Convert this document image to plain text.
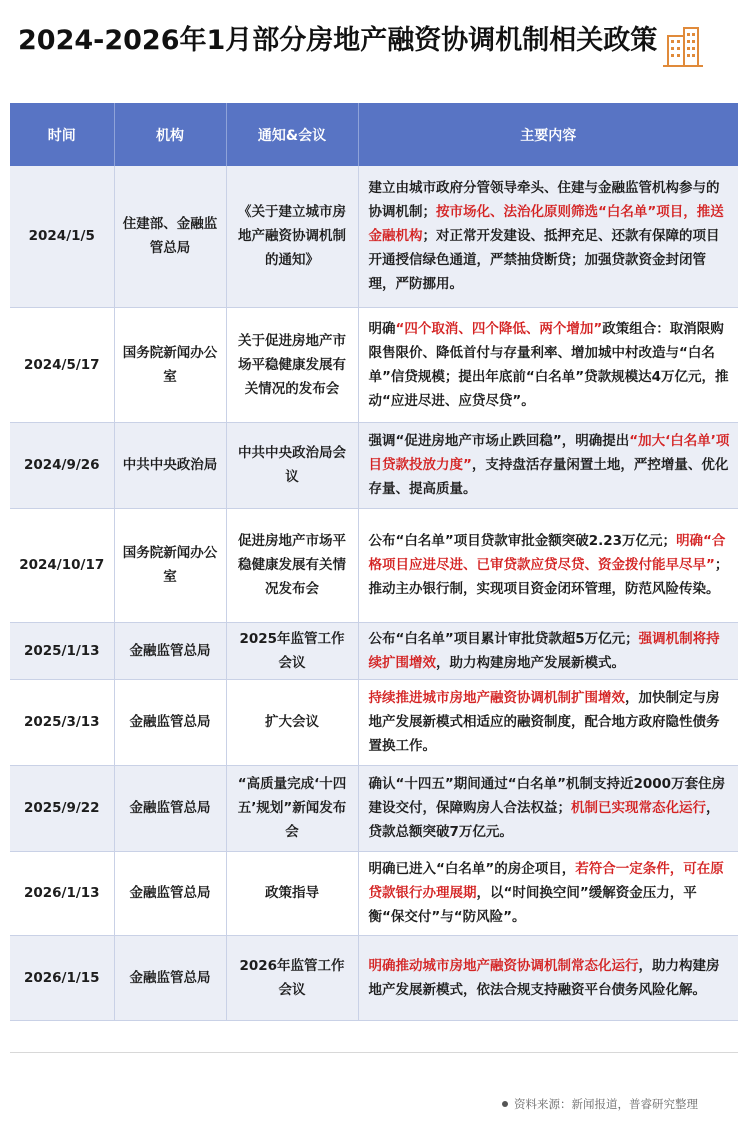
2024-2026年1月部分房地产融资协调机制相关政策
时间	机构	通知&会议	主要内容
2024/1/5	住建部、金融监管总局	《关于建立城市房地产融资协调机制的通知》	建立由城市政府分管领导牵头、住建与金融监管机构参与的协调机制；按市场化、法治化原则筛选“白名单”项目，推送金融机构；对正常开发建设、抵押充足、还款有保障的项目开通授信绿色通道，严禁抽贷断贷；加强贷款资金封闭管理，严防挪用。
2024/5/17	国务院新闻办公室	关于促进房地产市场平稳健康发展有关情况的发布会	明确“四个取消、四个降低、两个增加”政策组合：取消限购限售限价、降低首付与存量利率、增加城中村改造与“白名单”信贷规模；提出年底前“白名单”贷款规模达4万亿元，推动“应进尽进、应贷尽贷”。
2024/9/26	中共中央政治局	中共中央政治局会议	强调“促进房地产市场止跌回稳”，明确提出“加大‘白名单’项目贷款投放力度”，支持盘活存量闲置土地，严控增量、优化存量、提高质量。
2024/10/17	国务院新闻办公室	促进房地产市场平稳健康发展有关情况发布会	公布“白名单”项目贷款审批金额突破2.23万亿元；明确“合格项目应进尽进、已审贷款应贷尽贷、资金拨付能早尽早”；推动主办银行制，实现项目资金闭环管理，防范风险传染。
2025/1/13	金融监管总局	2025年监管工作会议	公布“白名单”项目累计审批贷款超5万亿元；强调机制将持续扩围增效，助力构建房地产发展新模式。
2025/3/13	金融监管总局	扩大会议	持续推进城市房地产融资协调机制扩围增效，加快制定与房地产发展新模式相适应的融资制度，配合地方政府隐性债务置换工作。
2025/9/22	金融监管总局	“高质量完成‘十四五’规划”新闻发布会	确认“十四五”期间通过“白名单”机制支持近2000万套住房建设交付，保障购房人合法权益；机制已实现常态化运行，贷款总额突破7万亿元。
2026/1/13	金融监管总局	政策指导	明确已进入“白名单”的房企项目，若符合一定条件，可在原贷款银行办理展期，以“时间换空间”缓解资金压力，平衡“保交付”与“防风险”。
2026/1/15	金融监管总局	2026年监管工作会议	明确推动城市房地产融资协调机制常态化运行，助力构建房地产发展新模式，依法合规支持融资平台债务风险化解。
资料来源：新闻报道，普睿研究整理
